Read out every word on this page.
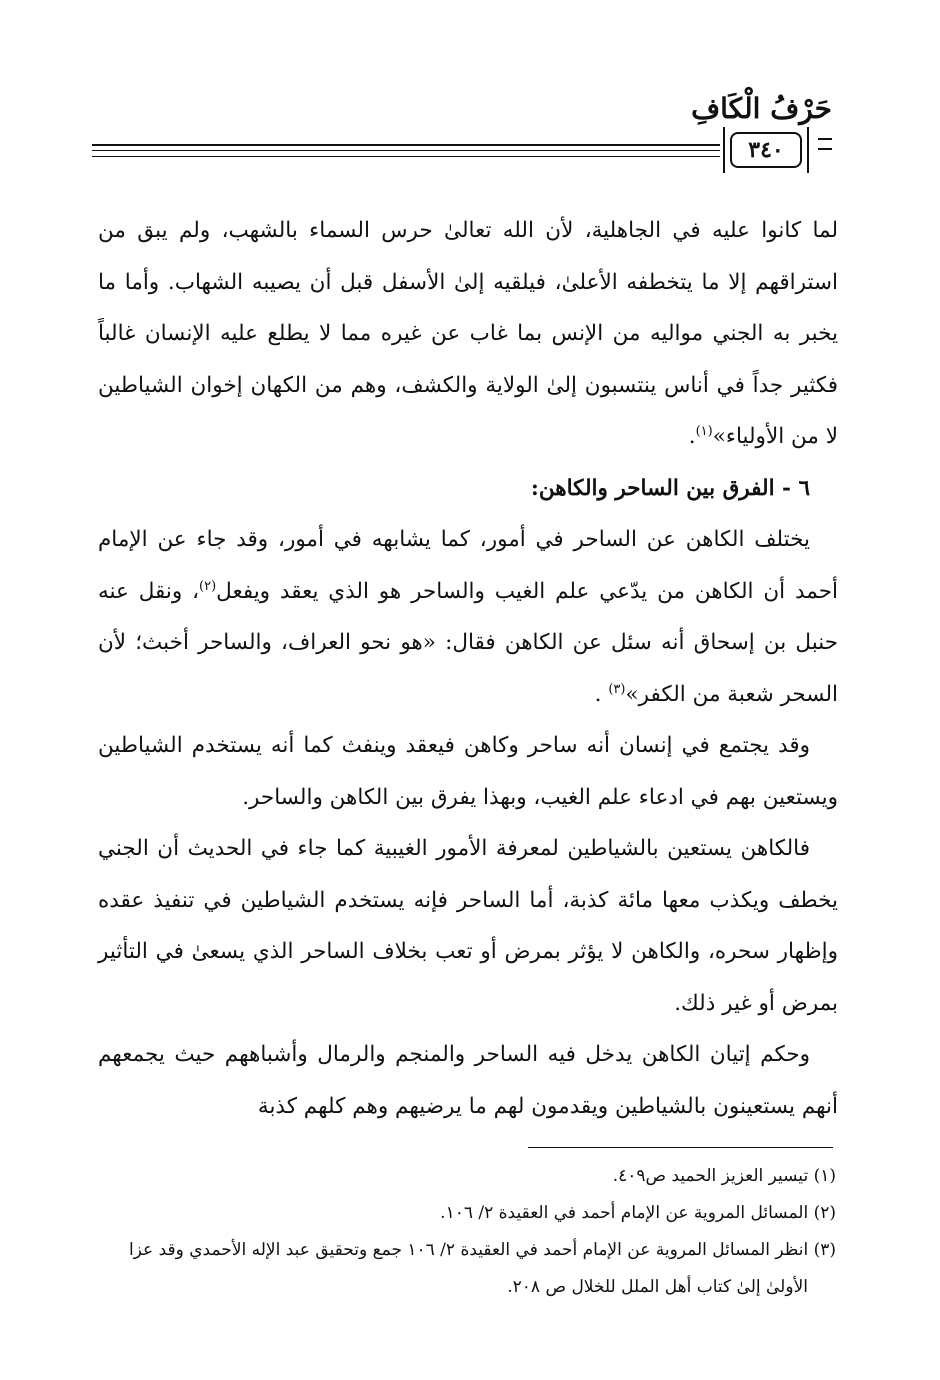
حَرْفُ الْكَافِ
٣٤٠

لما كانوا عليه في الجاهلية، لأن الله تعالىٰ حرس السماء بالشهب، ولم يبق من استراقهم إلا ما يتخطفه الأعلىٰ، فيلقيه إلىٰ الأسفل قبل أن يصيبه الشهاب. وأما ما يخبر به الجني مواليه من الإنس بما غاب عن غيره مما لا يطلع عليه الإنسان غالباً فكثير جداً في أناس ينتسبون إلىٰ الولاية والكشف، وهم من الكهان إخوان الشياطين لا من الأولياء»$^{(١)}$.

٦ - الفرق بين الساحر والكاهن:

يختلف الكاهن عن الساحر في أمور، كما يشابهه في أمور، وقد جاء عن الإمام أحمد أن الكاهن من يدّعي علم الغيب والساحر هو الذي يعقد ويفعل$^{(٢)}$، ونقل عنه حنبل بن إسحاق أنه سئل عن الكاهن فقال: «هو نحو العراف، والساحر أخبث؛ لأن السحر شعبة من الكفر»$^{(٣)}$ .

وقد يجتمع في إنسان أنه ساحر وكاهن فيعقد وينفث كما أنه يستخدم الشياطين ويستعين بهم في ادعاء علم الغيب، وبهذا يفرق بين الكاهن والساحر.

فالكاهن يستعين بالشياطين لمعرفة الأمور الغيبية كما جاء في الحديث أن الجني يخطف ويكذب معها مائة كذبة، أما الساحر فإنه يستخدم الشياطين في تنفيذ عقده وإظهار سحره، والكاهن لا يؤثر بمرض أو تعب بخلاف الساحر الذي يسعىٰ في التأثير بمرض أو غير ذلك.

وحكم إتيان الكاهن يدخل فيه الساحر والمنجم والرمال وأشباههم حيث يجمعهم أنهم يستعينون بالشياطين ويقدمون لهم ما يرضيهم وهم كلهم كذبة

(١) تيسير العزيز الحميد ص٤٠٩.

(٢) المسائل المروية عن الإمام أحمد في العقيدة ٢/ ١٠٦.

(٣) انظر المسائل المروية عن الإمام أحمد في العقيدة ٢/ ١٠٦ جمع وتحقيق عبد الإله الأحمدي وقد عزا

الأولىٰ إلىٰ كتاب أهل الملل للخلال ص ٢٠٨.
